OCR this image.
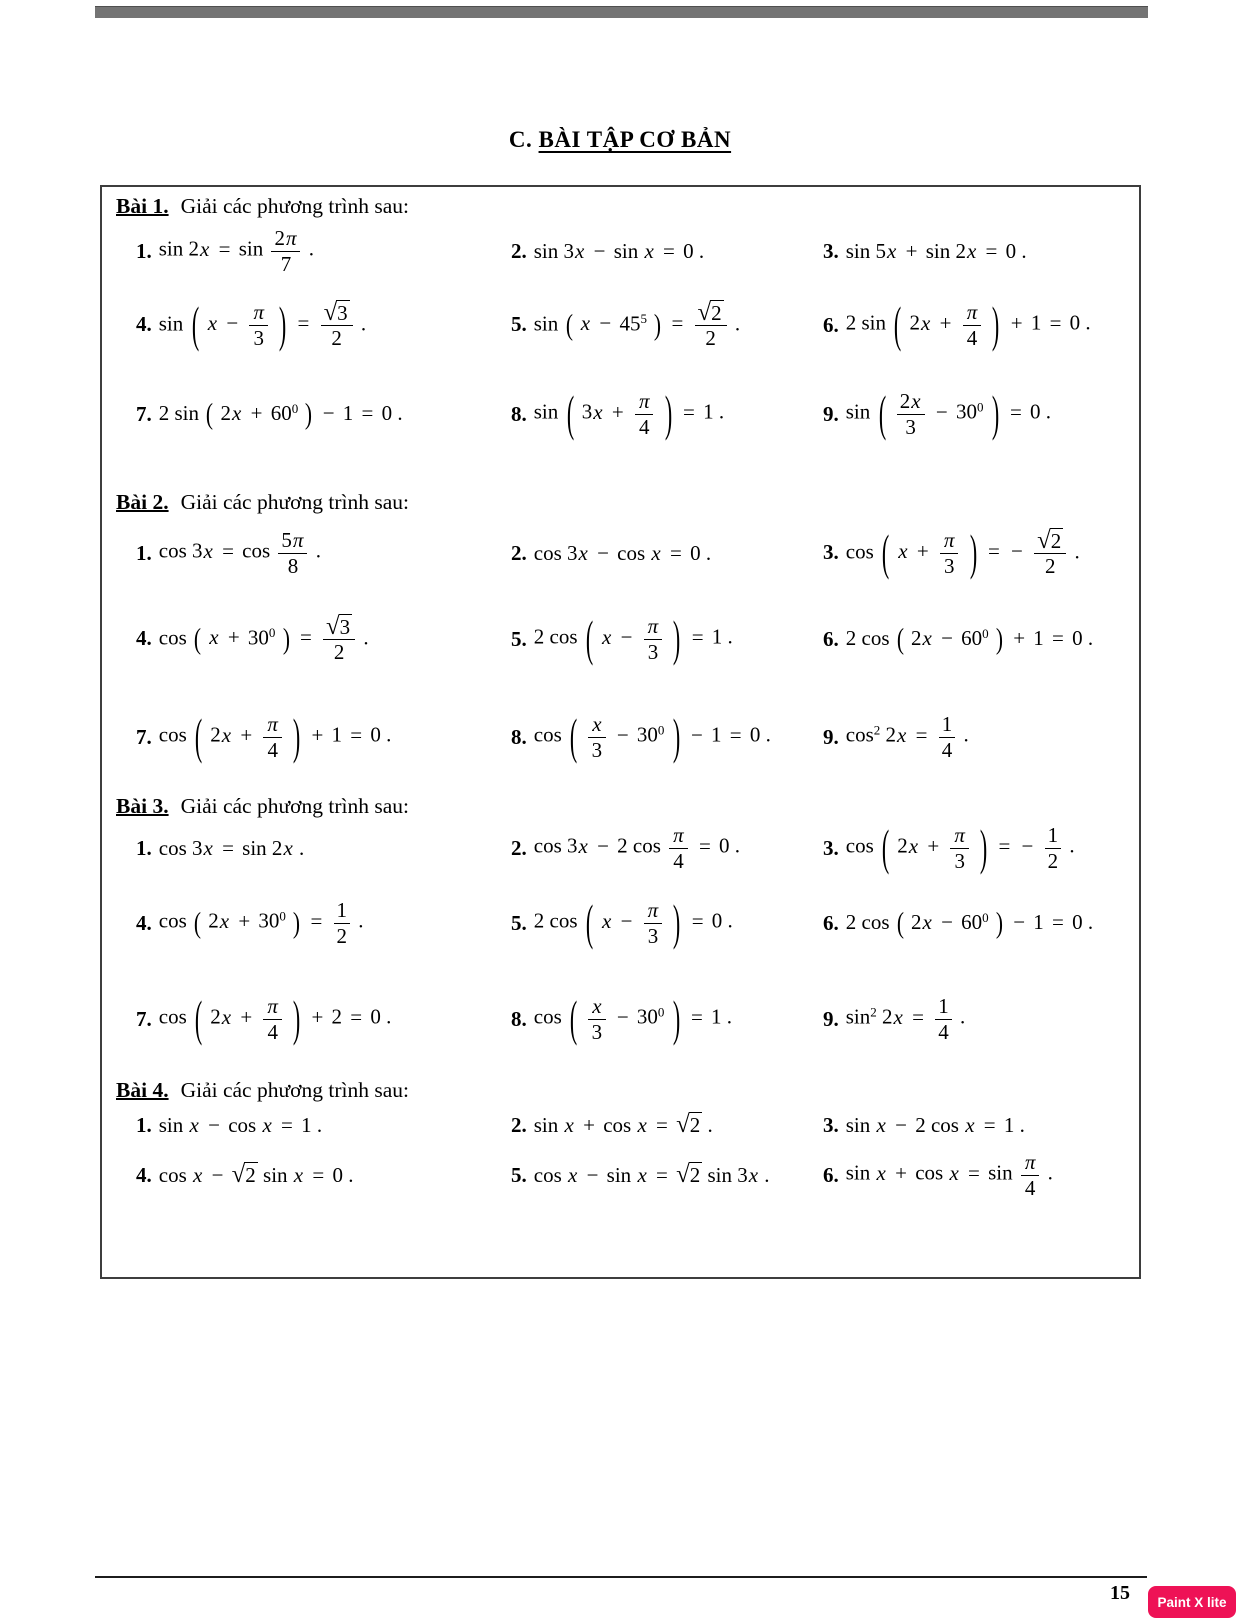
C. BÀI TẬP CƠ BẢN
Bài 1. Giải các phương trình sau:
1. $\sin 2x = \sin \frac{2\pi}{7}$ .	2. sin 3x − sin x = 0 .	3. sin 5x + sin 2x = 0 .
4. sin ( $x - \frac{\pi}{3}$ ) = $\frac{√3}{2}$ .	5. sin ( $x - 45^5$ ) = $\frac{√2}{2}$ .	6. 2 sin ( $2x + \frac{\pi}{4}$ ) + 1 = 0 .
7. 2 sin ( $2x + 60^0$ ) − 1 = 0 .	8. sin ( $3x + \frac{\pi}{4}$ ) = 1 .	9. sin ( $\frac{2x}{3} - 30^0$ ) = 0 .
Bài 2. Giải các phương trình sau:
1. $\cos 3x = \cos \frac{5\pi}{8}$ .	2. cos 3x − cos x = 0 .	3. cos ( $x + \frac{\pi}{3}$ ) = − $\frac{√2}{2}$ .
4. cos ( $x + 30^0$ ) = $\frac{√3}{2}$ .	5. 2 cos ( $x - \frac{\pi}{3}$ ) = 1 .	6. 2 cos ( $2x - 60^0$ ) + 1 = 0 .
7. cos ( $2x + \frac{\pi}{4}$ ) + 1 = 0 .	8. cos ( $\frac{x}{3} - 30^0$ ) − 1 = 0 . 9. $\cos^2 2x = \frac{1}{4}$ .
Bài 3. Giải các phương trình sau:
1. cos 3x = sin 2x .	2. cos 3x − 2 $\cos \frac{\pi}{4} = 0$ .	3. cos ( $2x + \frac{\pi}{3}$ ) = − $\frac{1}{2}$ .
4. cos ( $2x + 30^0$ ) = $\frac{1}{2}$ .	5. 2 cos ( $x - \frac{\pi}{3}$ ) = 0 .	6. 2 cos ( $2x - 60^0$ ) − 1 = 0 .
7. cos ( $2x + \frac{\pi}{4}$ ) + 2 = 0 .	8. cos ( $\frac{x}{3} - 30^0$ ) = 1 .	9. $\sin^2 2x = \frac{1}{4}$ .
Bài 4. Giải các phương trình sau:
1. sin x − cos x = 1 .	2. sin x + cos x = √2 .	3. sin x − 2 cos x = 1 .
4. cos x − √2 sin x = 0 .	5. cos x − sin x = √2 sin 3x .	6. $\sin x + \cos x = \sin \frac{\pi}{4}$ .
15	Paint X lite
